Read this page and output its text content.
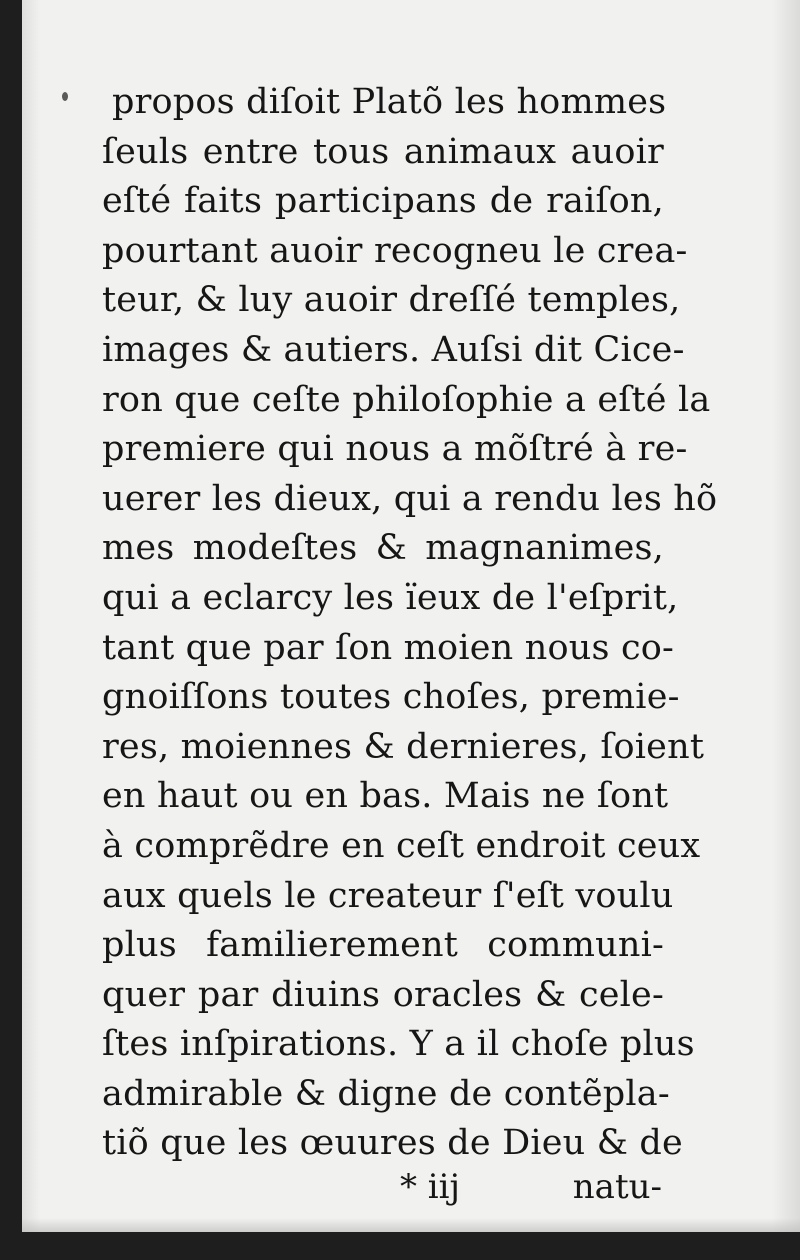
propos diſoit Platõ les hommes
ſeuls entre tous animaux auoir
eſté faits participans de raiſon,
pourtant auoir recogneu le crea-
teur, & luy auoir dreſſé temples,
images & autiers. Auſsi dit Cice-
ron que ceſte philoſophie a eſté la
premiere qui nous a mõſtré à re-
uerer les dieux, qui a rendu les hõ
mes modeſtes & magnanimes,
qui a eclarcy les ïeux de l'eſprit,
tant que par ſon moien nous co-
gnoiſſons toutes choſes, premie-
res, moiennes & dernieres, ſoient
en haut ou en bas. Mais ne ſont
à comprẽdre en ceſt endroit ceux
aux quels le createur ſ'eſt voulu
plus familierement communi-
quer par diuins oracles & cele-
ſtes inſpirations. Y a il choſe plus
admirable & digne de contẽpla-
tiõ que les œuures de Dieu & de
* iij	natu-
